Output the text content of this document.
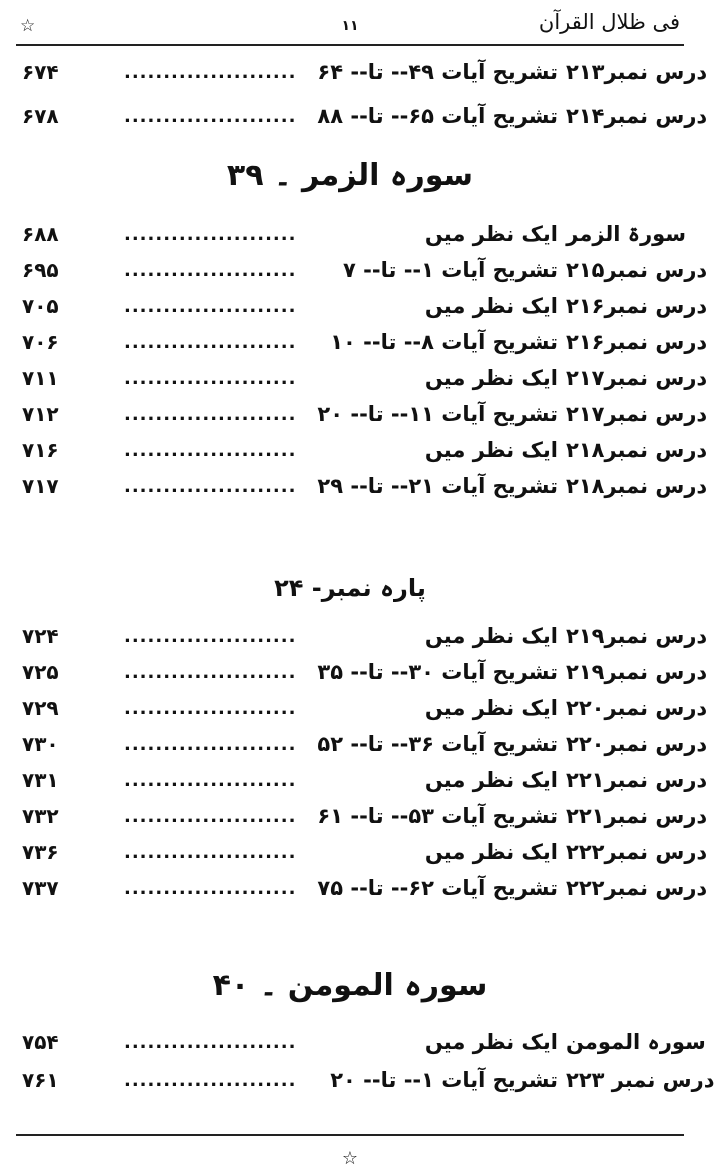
فی ظلال القرآن
۱۱
☆
درس نمبر۲۱۳
تشریح آیات ۴۹-- تا-- ۶۴
......................
۶۷۴
درس نمبر۲۱۴
تشریح آیات ۶۵-- تا-- ۸۸
......................
۶۷۸
سورہ الزمر ۔ ۳۹
سورۃ الزمر
ایک نظر میں
......................
۶۸۸
درس نمبر۲۱۵
تشریح آیات ۱-- تا-- ۷
......................
۶۹۵
درس نمبر۲۱۶
ایک نظر میں
......................
۷۰۵
درس نمبر۲۱۶
تشریح آیات ۸-- تا-- ۱۰
......................
۷۰۶
درس نمبر۲۱۷
ایک نظر میں
......................
۷۱۱
درس نمبر۲۱۷
تشریح آیات ۱۱-- تا-- ۲۰
......................
۷۱۲
درس نمبر۲۱۸
ایک نظر میں
......................
۷۱۶
درس نمبر۲۱۸
تشریح آیات ۲۱-- تا-- ۲۹
......................
۷۱۷
پارہ نمبر- ۲۴
درس نمبر۲۱۹
ایک نظر میں
......................
۷۲۴
درس نمبر۲۱۹
تشریح آیات ۳۰-- تا-- ۳۵
......................
۷۲۵
درس نمبر۲۲۰
ایک نظر میں
......................
۷۲۹
درس نمبر۲۲۰
تشریح آیات ۳۶-- تا-- ۵۲
......................
۷۳۰
درس نمبر۲۲۱
ایک نظر میں
......................
۷۳۱
درس نمبر۲۲۱
تشریح آیات ۵۳-- تا-- ۶۱
......................
۷۳۲
درس نمبر۲۲۲
ایک نظر میں
......................
۷۳۶
درس نمبر۲۲۲
تشریح آیات ۶۲-- تا-- ۷۵
......................
۷۳۷
سورہ المومن ۔ ۴۰
سورہ المومن
ایک نظر میں
......................
۷۵۴
درس نمبر ۲۲۳
تشریح آیات ۱-- تا-- ۲۰
......................
۷۶۱
☆
